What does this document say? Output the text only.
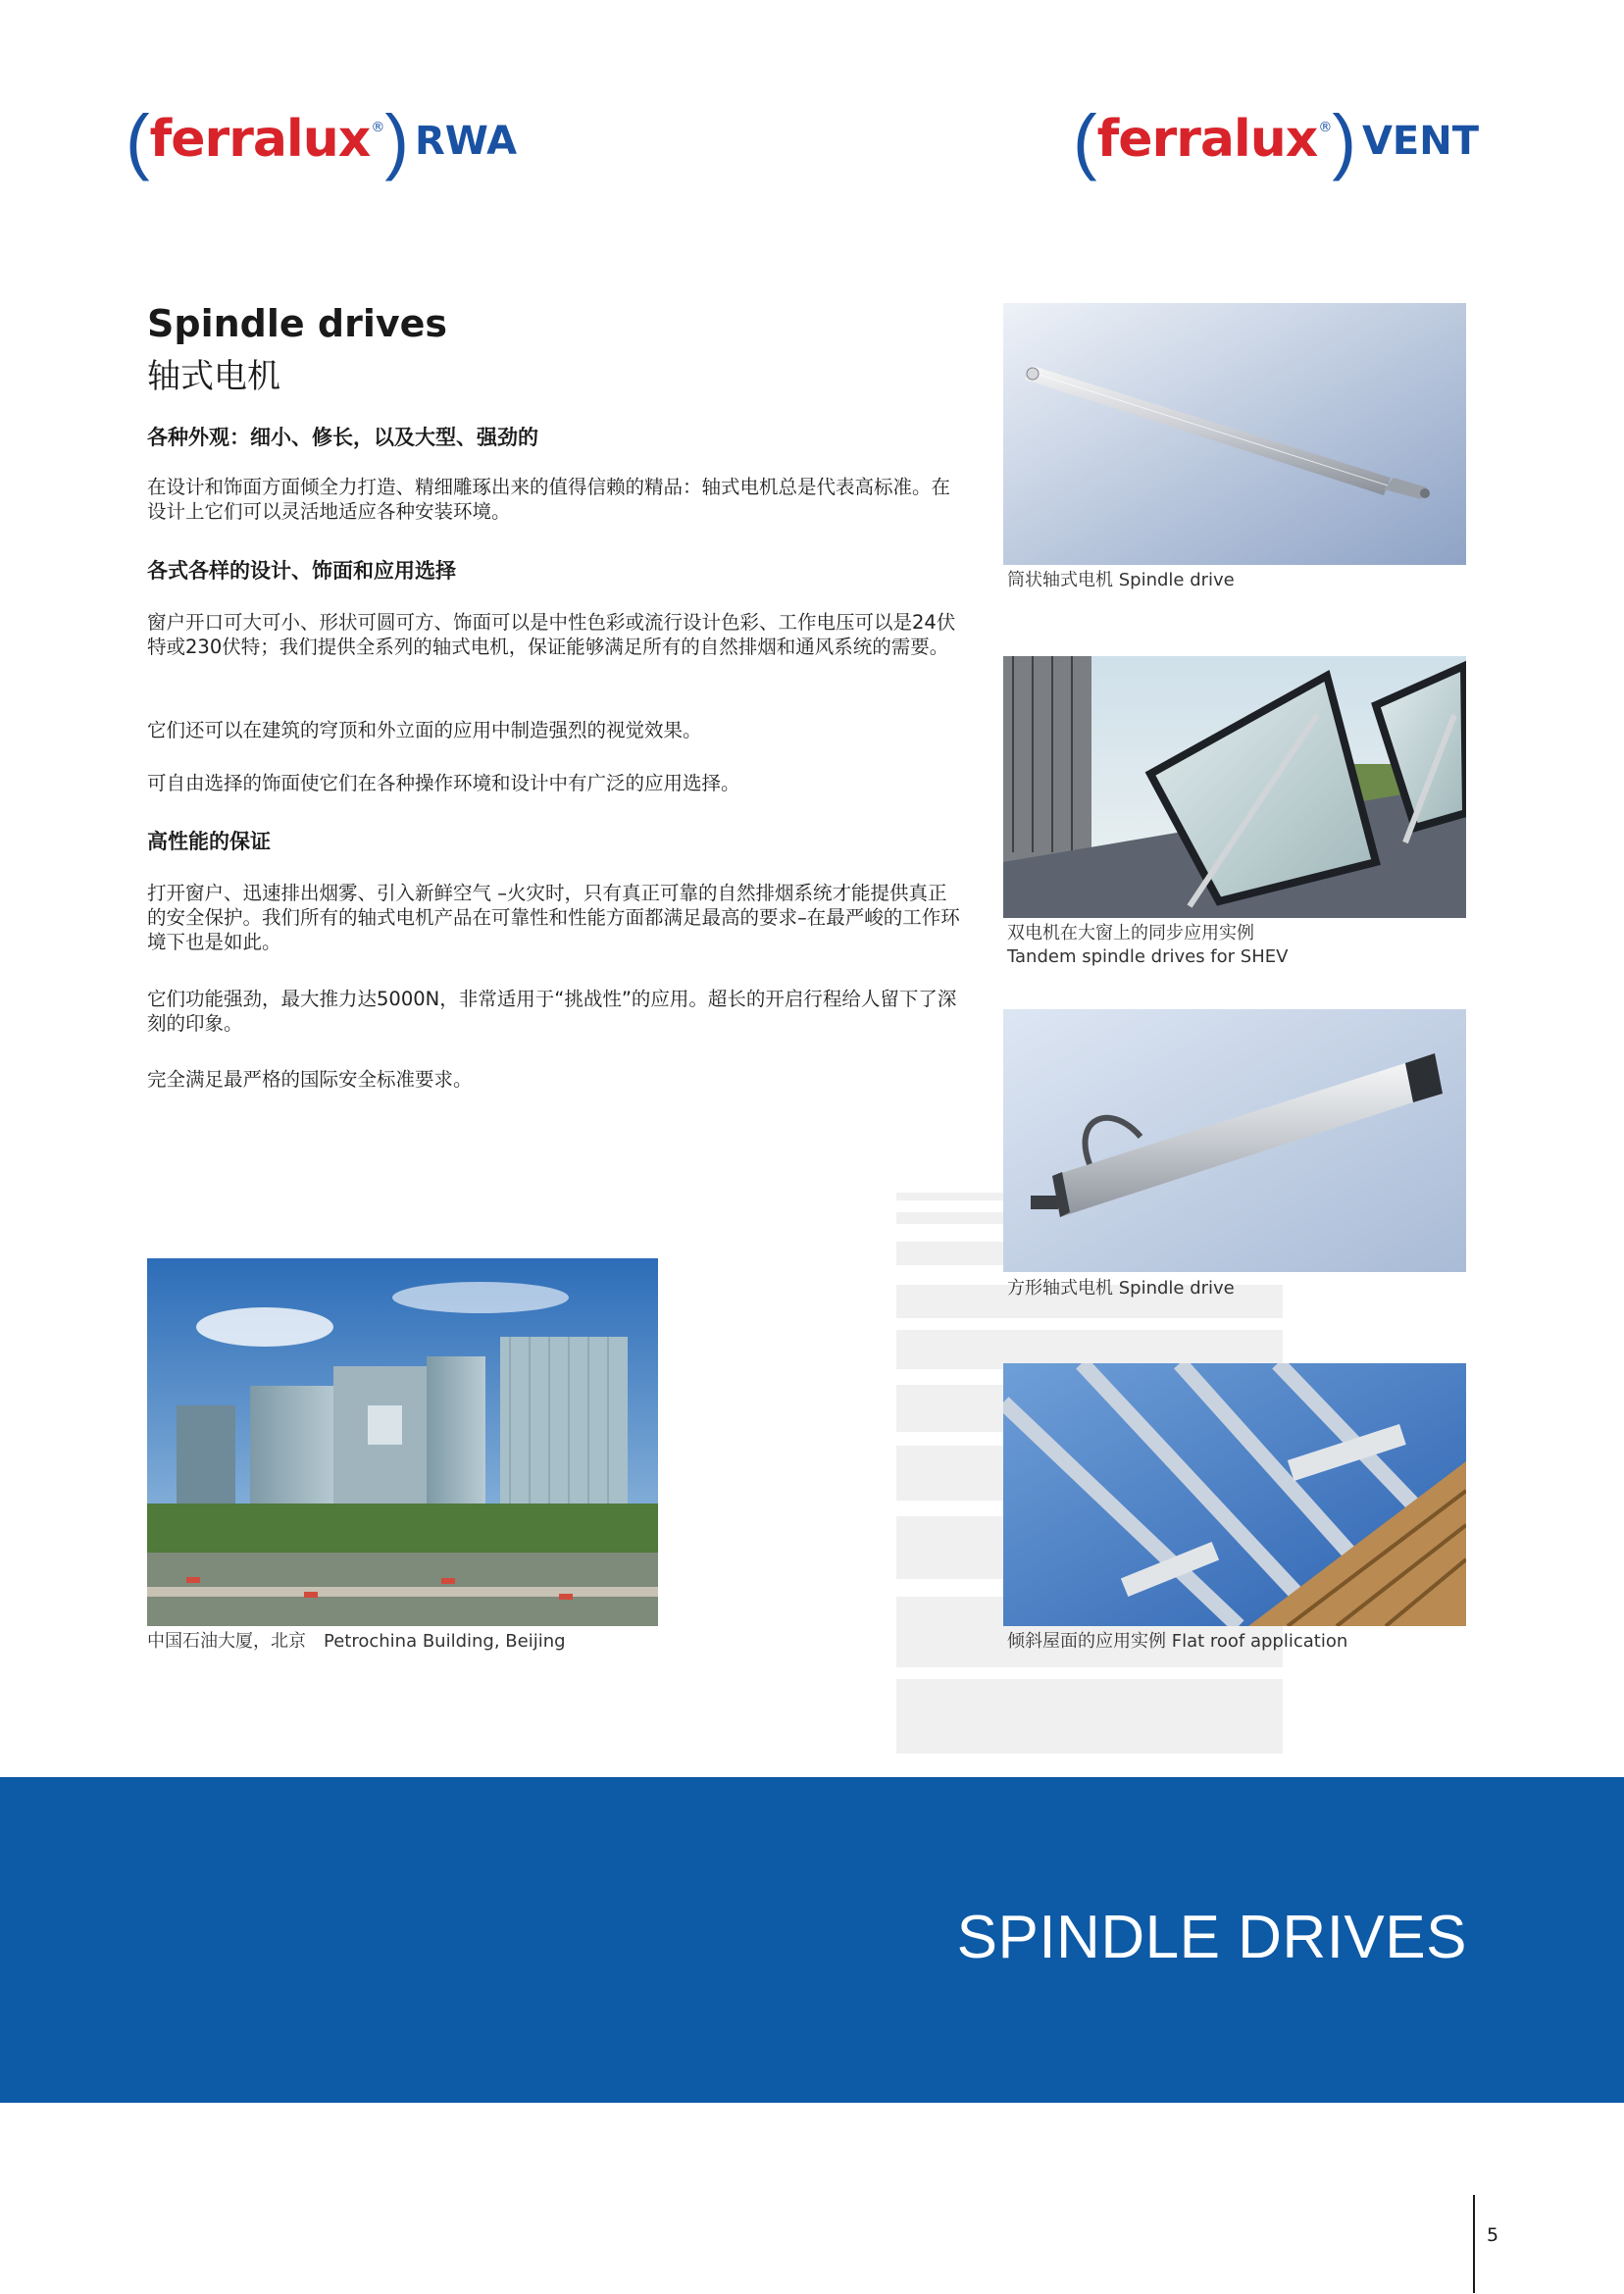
( ferralux ® ) RWA	( ferralux ® ) VENT
Spindle drives
轴式电机
各种外观：细小、修长，以及大型、强劲的

在设计和饰面方面倾全力打造、精细雕琢出来的值得信赖的精品：轴式电机总是代表高标准。在设计上它们可以灵活地适应各种安装环境。

各式各样的设计、饰面和应用选择

窗户开口可大可小、形状可圆可方、饰面可以是中性色彩或流行设计色彩、工作电压可以是24伏特或230伏特；我们提供全系列的轴式电机，保证能够满足所有的自然排烟和通风系统的需要。

它们还可以在建筑的穹顶和外立面的应用中制造强烈的视觉效果。

可自由选择的饰面使它们在各种操作环境和设计中有广泛的应用选择。

高性能的保证

打开窗户、迅速排出烟雾、引入新鲜空气 –火灾时，只有真正可靠的自然排烟系统才能提供真正的安全保护。我们所有的轴式电机产品在可靠性和性能方面都满足最高的要求–在最严峻的工作环境下也是如此。

它们功能强劲，最大推力达5000N，非常适用于“挑战性”的应用。超长的开启行程给人留下了深刻的印象。

完全满足最严格的国际安全标准要求。

筒状轴式电机 Spindle drive
双电机在大窗上的同步应用实例
Tandem spindle drives for SHEV
方形轴式电机 Spindle drive
倾斜屋面的应用实例 Flat roof application
中国石油大厦，北京　Petrochina Building, Beijing
SPINDLE DRIVES
5
